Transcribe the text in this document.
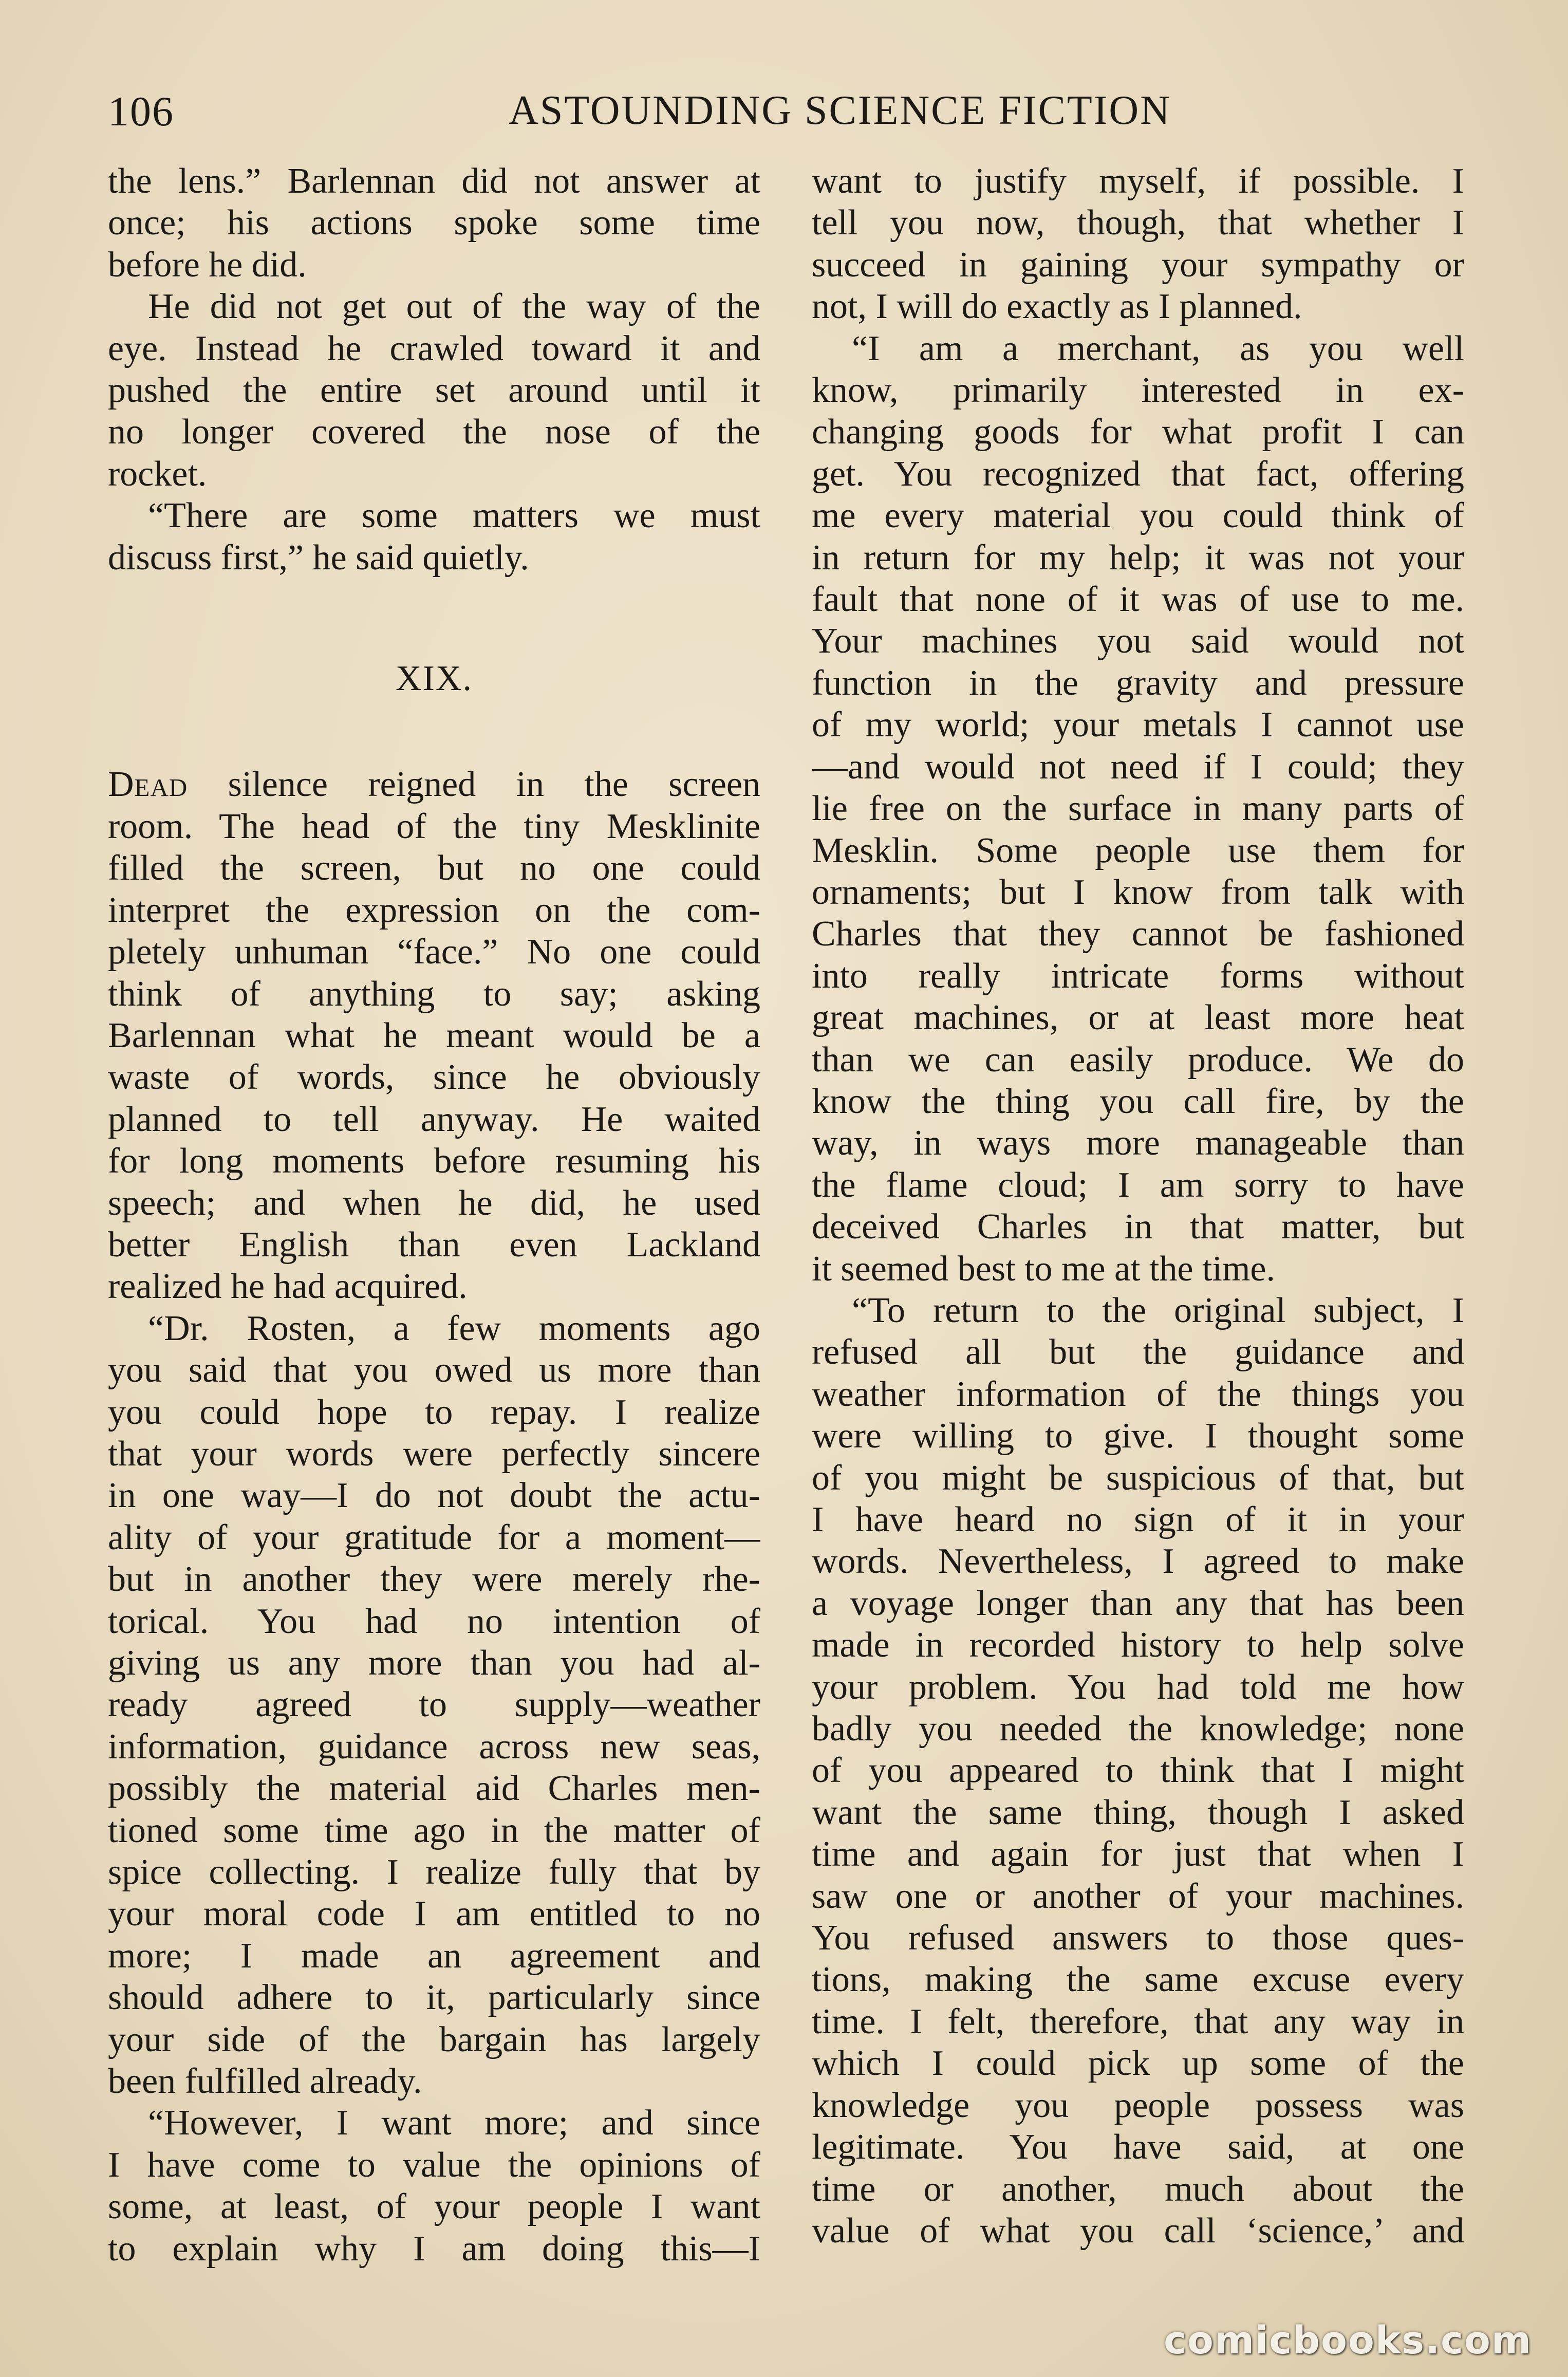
106	ASTOUNDING SCIENCE FICTION
the lens.” Barlennan did not answer at
once; his actions spoke some time
before he did.
He did not get out of the way of the
eye. Instead he crawled toward it and
pushed the entire set around until it
no longer covered the nose of the
rocket.
“There are some matters we must
discuss first,” he said quietly.
XIX.
Dead silence reigned in the screen
room. The head of the tiny Mesklinite
filled the screen, but no one could
interpret the expression on the com-
pletely unhuman “face.” No one could
think of anything to say; asking
Barlennan what he meant would be a
waste of words, since he obviously
planned to tell anyway. He waited
for long moments before resuming his
speech; and when he did, he used
better English than even Lackland
realized he had acquired.
“Dr. Rosten, a few moments ago
you said that you owed us more than
you could hope to repay. I realize
that your words were perfectly sincere
in one way—I do not doubt the actu-
ality of your gratitude for a moment—
but in another they were merely rhe-
torical. You had no intention of
giving us any more than you had al-
ready agreed to supply—weather
information, guidance across new seas,
possibly the material aid Charles men-
tioned some time ago in the matter of
spice collecting. I realize fully that by
your moral code I am entitled to no
more; I made an agreement and
should adhere to it, particularly since
your side of the bargain has largely
been fulfilled already.
“However, I want more; and since
I have come to value the opinions of
some, at least, of your people I want
to explain why I am doing this—I
want to justify myself, if possible. I
tell you now, though, that whether I
succeed in gaining your sympathy or
not, I will do exactly as I planned.
“I am a merchant, as you well
know, primarily interested in ex-
changing goods for what profit I can
get. You recognized that fact, offering
me every material you could think of
in return for my help; it was not your
fault that none of it was of use to me.
Your machines you said would not
function in the gravity and pressure
of my world; your metals I cannot use
—and would not need if I could; they
lie free on the surface in many parts of
Mesklin. Some people use them for
ornaments; but I know from talk with
Charles that they cannot be fashioned
into really intricate forms without
great machines, or at least more heat
than we can easily produce. We do
know the thing you call fire, by the
way, in ways more manageable than
the flame cloud; I am sorry to have
deceived Charles in that matter, but
it seemed best to me at the time.
“To return to the original subject, I
refused all but the guidance and
weather information of the things you
were willing to give. I thought some
of you might be suspicious of that, but
I have heard no sign of it in your
words. Nevertheless, I agreed to make
a voyage longer than any that has been
made in recorded history to help solve
your problem. You had told me how
badly you needed the knowledge; none
of you appeared to think that I might
want the same thing, though I asked
time and again for just that when I
saw one or another of your machines.
You refused answers to those ques-
tions, making the same excuse every
time. I felt, therefore, that any way in
which I could pick up some of the
knowledge you people possess was
legitimate. You have said, at one
time or another, much about the
value of what you call ‘science,’ and
comicbooks.com
